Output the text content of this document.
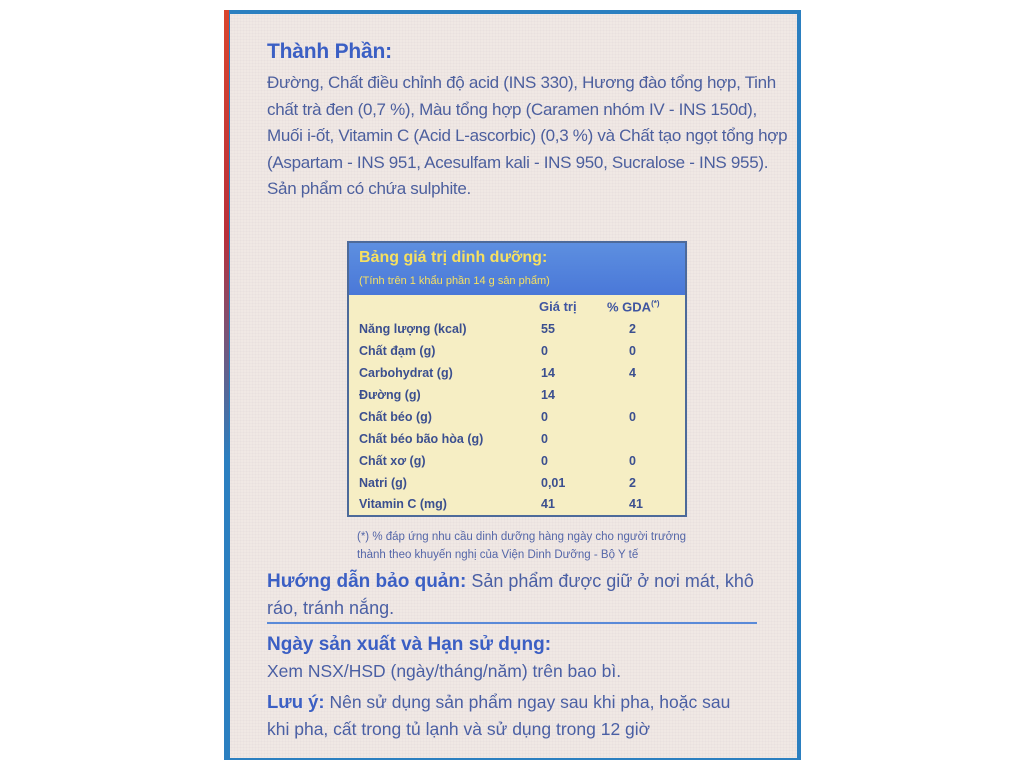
Thành Phần:
Đường, Chất điều chỉnh độ acid (INS 330), Hương đào tổng hợp, Tinh
chất trà đen (0,7 %), Màu tổng hợp (Caramen nhóm IV - INS 150d),
Muối i-ốt, Vitamin C (Acid L-ascorbic) (0,3 %) và Chất tạo ngọt tổng hợp
(Aspartam - INS 951, Acesulfam kali - INS 950, Sucralose - INS 955).
Sản phẩm có chứa sulphite.
Bảng giá trị dinh dưỡng:
(Tính trên 1 khẩu phần 14 g sản phẩm)
Giá trị % GDA(*)
Năng lượng (kcal)	55	2
Chất đạm (g)	0	0
Carbohydrat (g)	14	4
Đường (g)	14
Chất béo (g)	0	0
Chất béo bão hòa (g)	0
Chất xơ (g)	0	0
Natri (g)	0,01	2
Vitamin C (mg)	41	41
(*) % đáp ứng nhu cầu dinh dưỡng hàng ngày cho người trưởng
thành theo khuyến nghị của Viện Dinh Dưỡng - Bộ Y tế
Hướng dẫn bảo quản: Sản phẩm được giữ ở nơi mát, khô
ráo, tránh nắng.
Ngày sản xuất và Hạn sử dụng:
Xem NSX/HSD (ngày/tháng/năm) trên bao bì.
Lưu ý: Nên sử dụng sản phẩm ngay sau khi pha, hoặc sau
khi pha, cất trong tủ lạnh và sử dụng trong 12 giờ
